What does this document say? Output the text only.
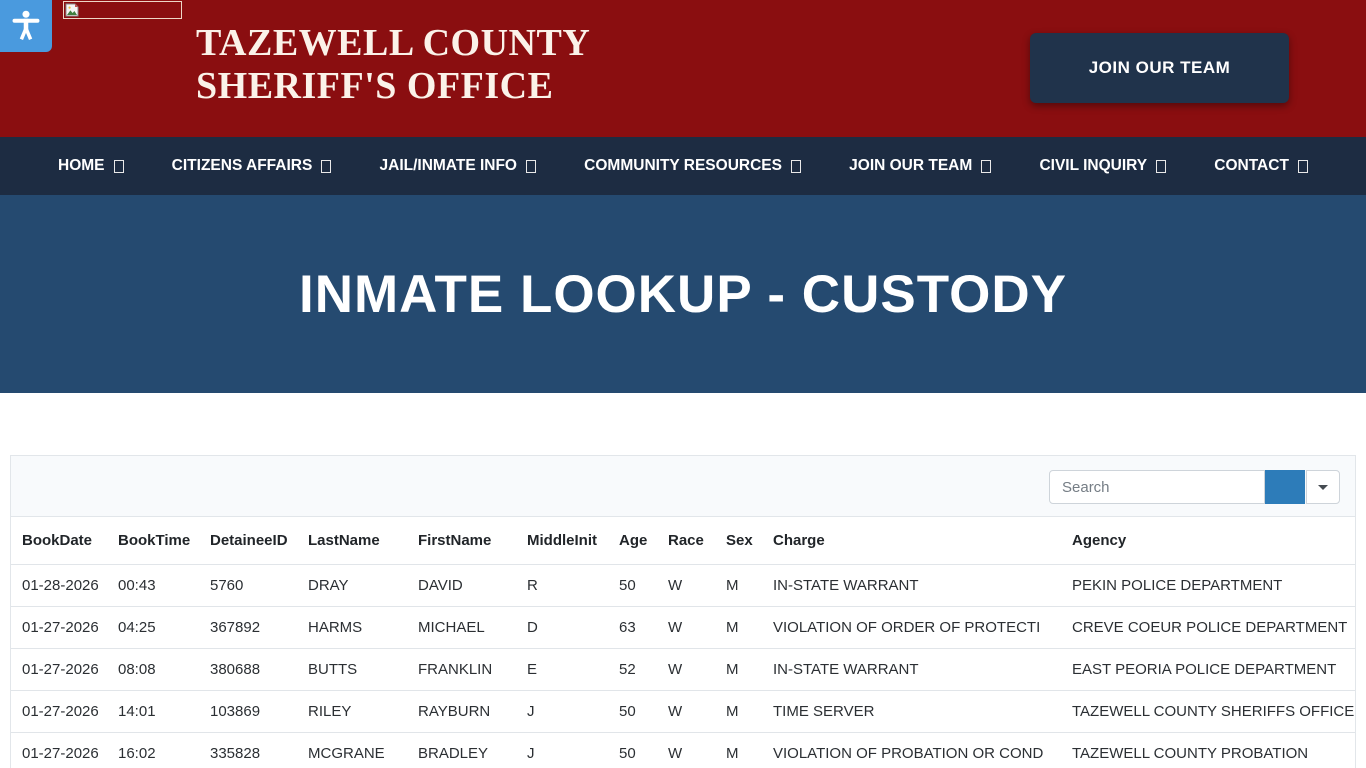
TAZEWELL COUNTY
SHERIFF'S OFFICE	JOIN OUR TEAM
HOME	CITIZENS AFFAIRS	JAIL/INMATE INFO	COMMUNITY RESOURCES	JOIN OUR TEAM	CIVIL INQUIRY	CONTACT
INMATE LOOKUP - CUSTODY
Search
BookDate	BookTime	DetaineeID	LastName	FirstName	MiddleInit	Age	Race	Sex	Charge	Agency
01-28-2026	00:43	5760	DRAY	DAVID	R	50	W	M	IN-STATE WARRANT	PEKIN POLICE DEPARTMENT
01-27-2026	04:25	367892	HARMS	MICHAEL	D	63	W	M	VIOLATION OF ORDER OF PROTECTI	CREVE COEUR POLICE DEPARTMENT
01-27-2026	08:08	380688	BUTTS	FRANKLIN	E	52	W	M	IN-STATE WARRANT	EAST PEORIA POLICE DEPARTMENT
01-27-2026	14:01	103869	RILEY	RAYBURN	J	50	W	M	TIME SERVER	TAZEWELL COUNTY SHERIFFS OFFICE
01-27-2026	16:02	335828	MCGRANE	BRADLEY	J	50	W	M	VIOLATION OF PROBATION OR COND	TAZEWELL COUNTY PROBATION
